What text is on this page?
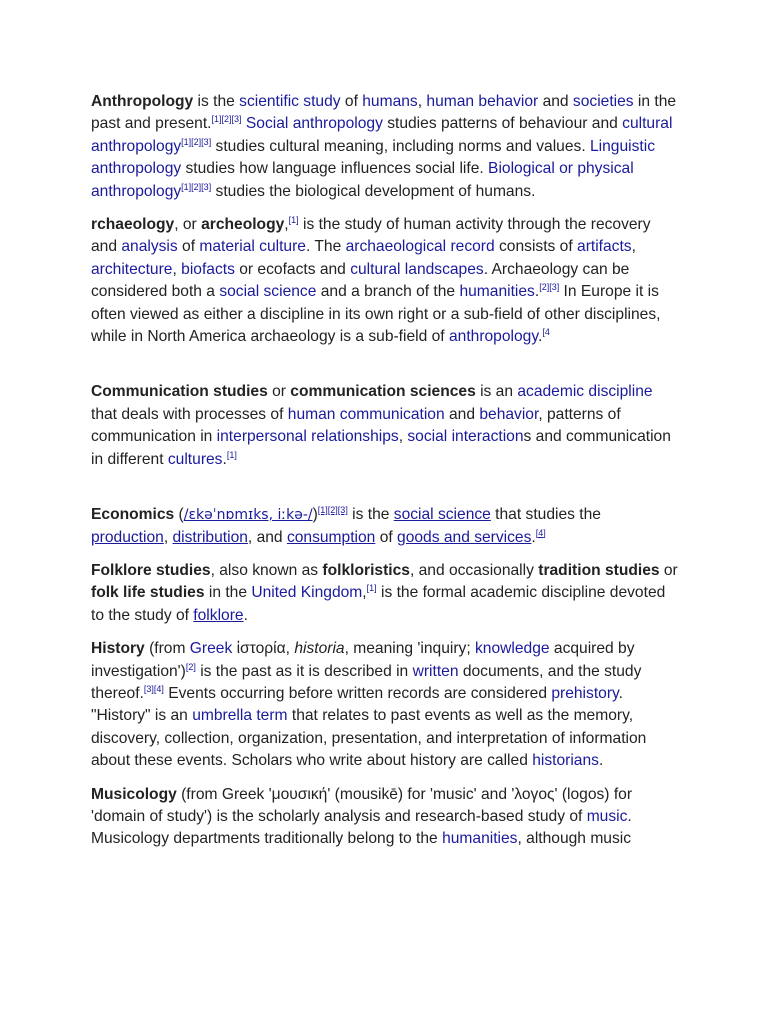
Anthropology is the scientific study of humans, human behavior and societies in the past and present.[1][2][3] Social anthropology studies patterns of behaviour and cultural anthropology[1][2][3] studies cultural meaning, including norms and values. Linguistic anthropology studies how language influences social life. Biological or physical anthropology[1][2][3] studies the biological development of humans.

rchaeology, or archeology,[1] is the study of human activity through the recovery and analysis of material culture. The archaeological record consists of artifacts, architecture, biofacts or ecofacts and cultural landscapes. Archaeology can be considered both a social science and a branch of the humanities.[2][3] In Europe it is often viewed as either a discipline in its own right or a sub-field of other disciplines, while in North America archaeology is a sub-field of anthropology.$^{[4}$

Communication studies or communication sciences is an academic discipline that deals with processes of human communication and behavior, patterns of communication in interpersonal relationships, social interactions and communication in different cultures.[1]

Economics (/ɛkəˈnɒmɪks, iːkə-/)[1][2][3] is the social science that studies the production, distribution, and consumption of goods and services.[4]

Folklore studies, also known as folkloristics, and occasionally tradition studies or folk life studies in the United Kingdom,[1] is the formal academic discipline devoted to the study of folklore.

History (from Greek ἱστορία, historia, meaning 'inquiry; knowledge acquired by investigation')[2] is the past as it is described in written documents, and the study thereof.[3][4] Events occurring before written records are considered prehistory. "History" is an umbrella term that relates to past events as well as the memory, discovery, collection, organization, presentation, and interpretation of information about these events. Scholars who write about history are called historians.

Musicology (from Greek 'μουσική' (mousikē) for 'music' and 'λογος' (logos) for 'domain of study') is the scholarly analysis and research-based study of music. Musicology departments traditionally belong to the humanities, although music
